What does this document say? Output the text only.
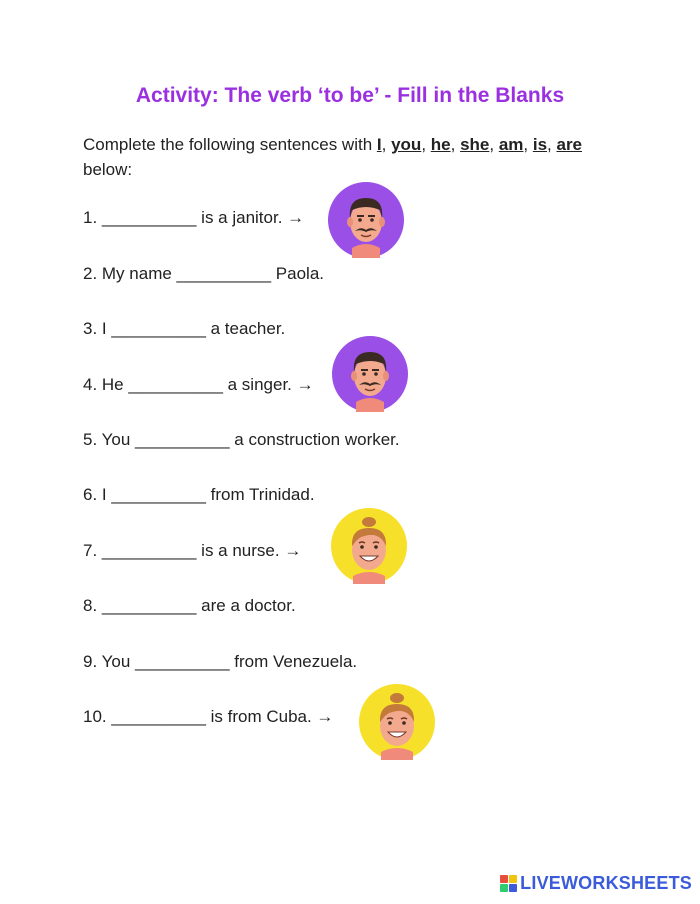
Activity: The verb ‘to be’ - Fill in the Blanks
Complete the following sentences with I, you, he, she, am, is, are
below:
1. __________ is a janitor. →
2. My name __________ Paola.
3. I __________ a teacher.
4. He __________ a singer. →
5. You __________ a construction worker.
6. I __________ from Trinidad.
7. __________ is a nurse. →
8. __________ are a doctor.
9. You __________ from Venezuela.
10. __________ is from Cuba. →
LIVEWORKSHEETS
